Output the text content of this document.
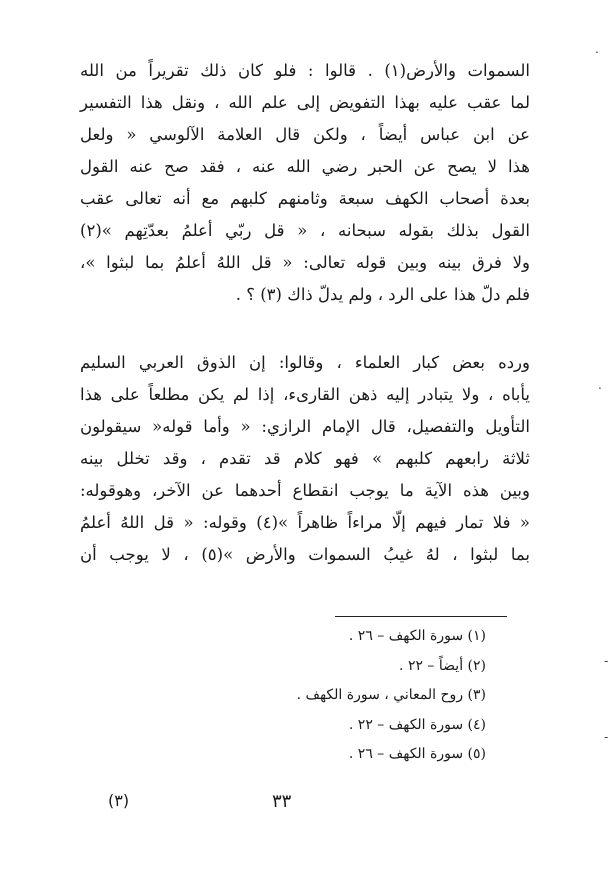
السموات والأرض(١) . قالوا : فلو كان ذلك تقريراً من الله
لما عقب عليه بهذا التفويض إلى علم الله ، ونقل هذا التفسير
عن ابن عباس أيضاً ، ولكن قال العلامة الآلوسي « ولعل
هذا لا يصح عن الحبر رضي الله عنه ، فقد صح عنه القول
بعدة أصحاب الكهف سبعة وثامنهم كلبهم مع أنه تعالى عقب
القول بذلك بقوله سبحانه ، « قل ربّي أعلمُ بعدّتِهم »(٢)
ولا فرق بينه وبين قوله تعالى: « قل اللهُ أعلمُ بما لبثوا »،
فلم دلّ هذا على الرد ، ولم يدلّ ذاك (٣) ؟ .
ورده بعض كبار العلماء ، وقالوا: إن الذوق العربي السليم
يأباه ، ولا يتبادر إليه ذهن القارىء، إذا لم يكن مطلعاً على هذا
التأويل والتفصيل، قال الإمام الرازي: « وأما قوله« سيقولون
ثلاثة رابعهم كلبهم » فهو كلام قد تقدم ، وقد تخلل بينه
وبين هذه الآية ما يوجب انقطاع أحدهما عن الآخر، وهوقوله:
« فلا تمار فيهم إلّا مراءاً ظاهراً »(٤) وقوله: « قل اللهُ أعلمُ
بما لبثوا ، لهُ غيبُ السموات والأرض »(٥) ، لا يوجب أن
(١) سورة الكهف – ٢٦ .
(٢) أيضاً – ٢٢ .
(٣) روح المعاني ، سورة الكهف .
(٤) سورة الكهف – ٢٢ .
(٥) سورة الكهف – ٢٦ .
٣٣
(٣)
.
.
-
-
